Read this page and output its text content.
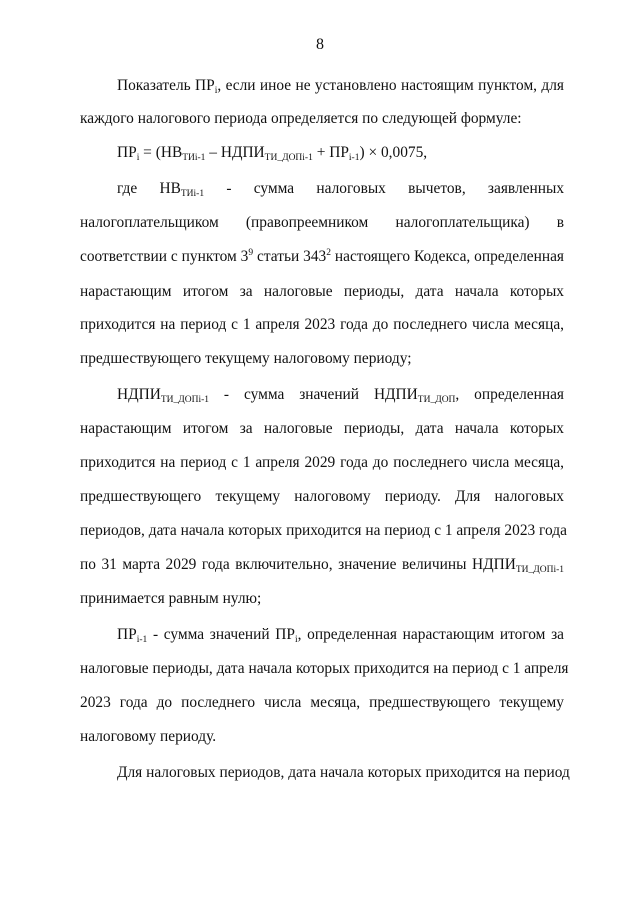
8
Показатель $ПР_i$, если иное не установлено настоящим пунктом, для
каждого налогового периода определяется по следующей формуле:
$ПР_i = (НВ_{ТИi-1}$ – $НДПИ_{ТИ\_ДОПi-1} + ПР_{i-1}) \times 0,0075$,
где $НВ_{ТИi-1}$ - сумма налоговых вычетов, заявленных
налогоплательщиком (правопреемником налогоплательщика) в
соответствии с пунктом $3^9$ статьи $343^2$ настоящего Кодекса, определенная
нарастающим итогом за налоговые периоды, дата начала которых
приходится на период с 1 апреля 2023 года до последнего числа месяца,
предшествующего текущему налоговому периоду;
$НДПИ_{ТИ\_ДОПi-1}$ - сумма значений $НДПИ_{ТИ\_ДОП}$, определенная
нарастающим итогом за налоговые периоды, дата начала которых
приходится на период с 1 апреля 2029 года до последнего числа месяца,
предшествующего текущему налоговому периоду. Для налоговых
периодов, дата начала которых приходится на период с 1 апреля 2023 года
по 31 марта 2029 года включительно, значение величины $НДПИ_{ТИ\_ДОПi-1}$
принимается равным нулю;
$ПР_{i-1}$ - сумма значений $ПР_i$, определенная нарастающим итогом за
налоговые периоды, дата начала которых приходится на период с 1 апреля
2023 года до последнего числа месяца, предшествующего текущему
налоговому периоду.
Для налоговых периодов, дата начала которых приходится на период
